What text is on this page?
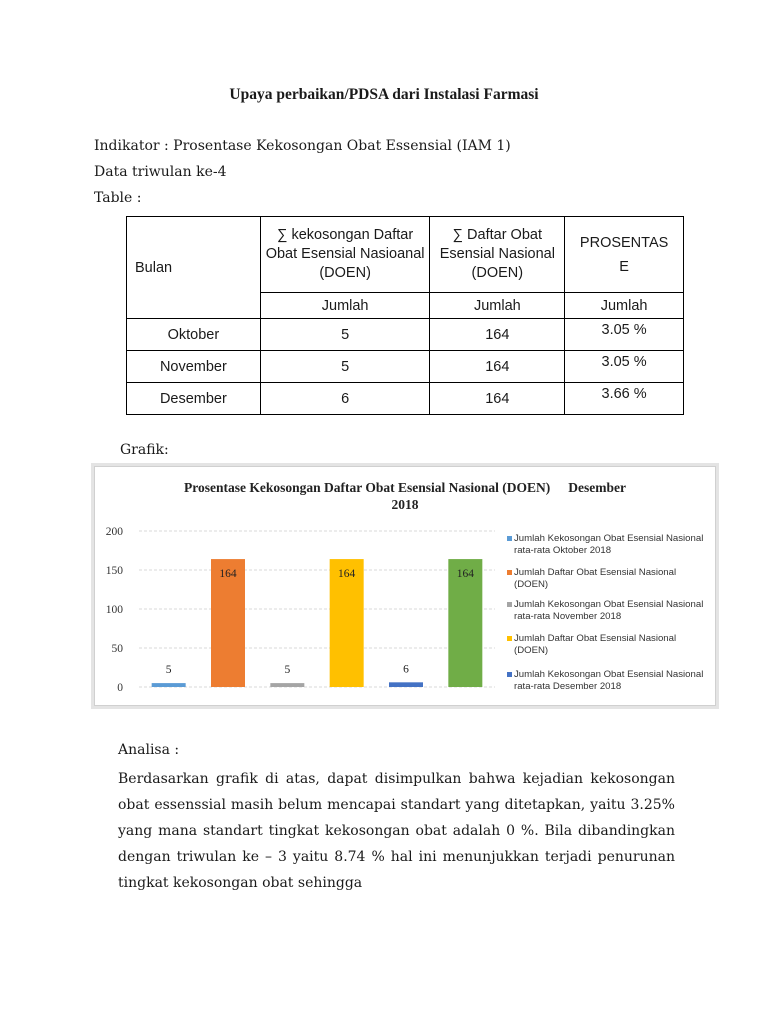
Upaya perbaikan/PDSA dari Instalasi Farmasi
Indikator : Prosentase Kekosongan Obat Essensial (IAM 1)
Data triwulan ke-4
Table :
Bulan	∑ kekosongan Daftar Obat Esensial Nasioanal (DOEN)	∑ Daftar Obat Esensial Nasional (DOEN)	PROSENTASE
	Jumlah	Jumlah	Jumlah
Oktober	5	164	3.05 %
November	5	164	3.05 %
Desember	6	164	3.66 %
Grafik:
Prosentase Kekosongan Daftar Obat Esensial Nasional (DOEN) Desember
2018
0
50
100
150
200
5
164
5
164
6
164
Jumlah Kekosongan Obat Esensial Nasional rata-rata Oktober 2018
Jumlah Daftar Obat Esensial Nasional (DOEN)
Jumlah Kekosongan Obat Esensial Nasional rata-rata November 2018
Jumlah Daftar Obat Esensial Nasional (DOEN)
Jumlah Kekosongan Obat Esensial Nasional rata-rata Desember 2018
Analisa :
Berdasarkan grafik di atas, dapat disimpulkan bahwa kejadian kekosongan obat essenssial masih belum mencapai standart yang ditetapkan, yaitu 3.25% yang mana standart tingkat kekosongan obat adalah 0 %. Bila dibandingkan dengan triwulan ke – 3 yaitu 8.74 % hal ini menunjukkan terjadi penurunan tingkat kekosongan obat sehingga
